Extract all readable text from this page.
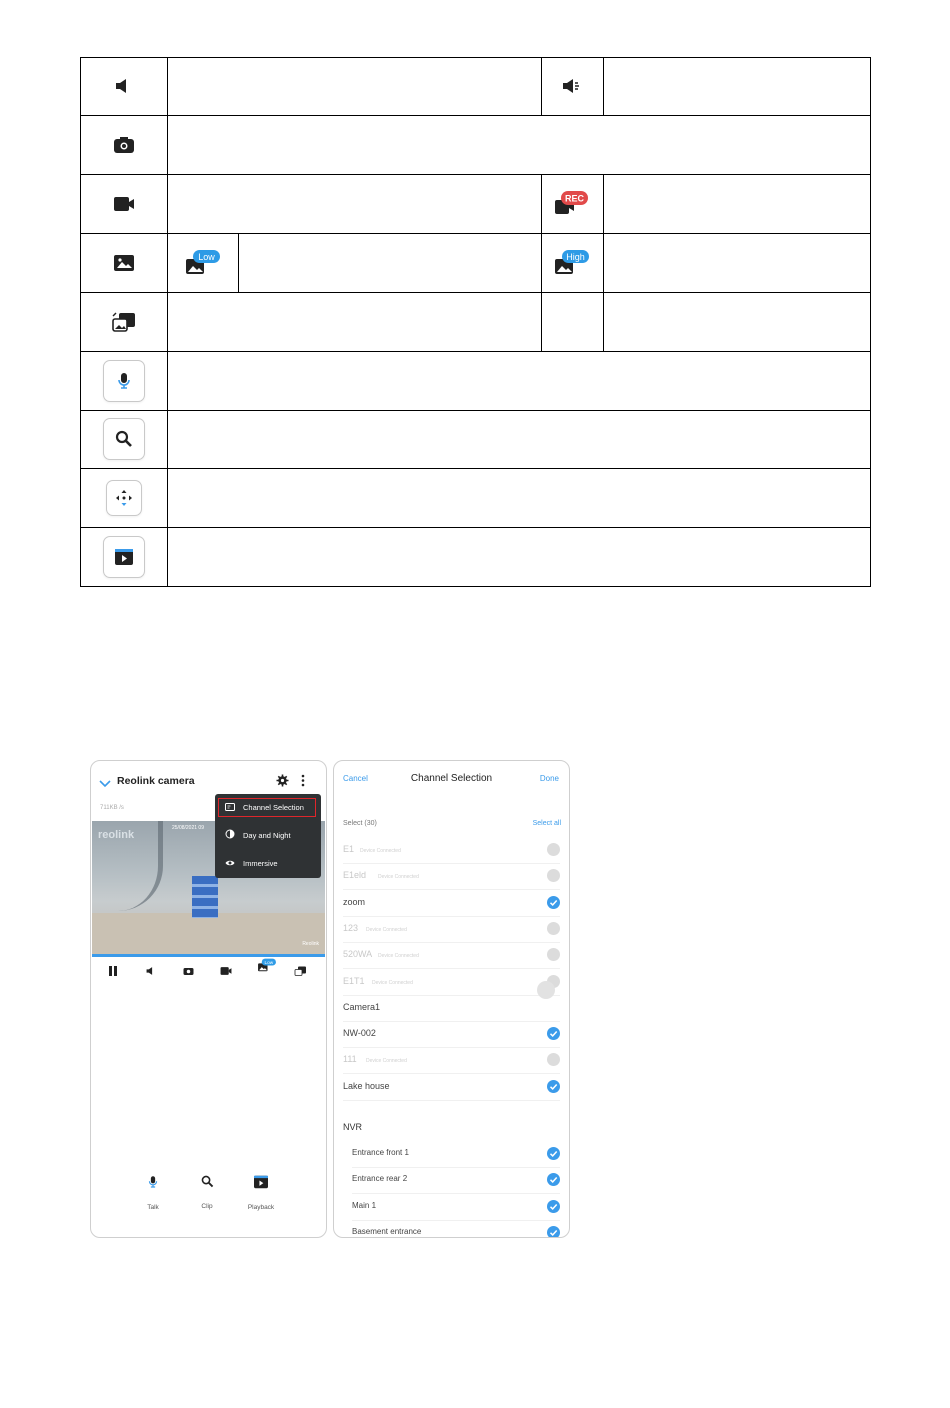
REC
Low	High
Reolink camera
711KB /s
reolink
25/08/2021 09
Reolink
Channel Selection
Day and Night
Immersive
Low
Talk	Clip	Playback
Cancel	Channel Selection	Done
Select (30)	Select all
E1 Device Connected
E1eld Device Connected
zoom
123 Device Connected
520WA Device Connected
E1T1 Device Connected
Camera1
NW-002
111 Device Connected
Lake house
NVR
Entrance front 1
Entrance rear 2
Main 1
Basement entrance
